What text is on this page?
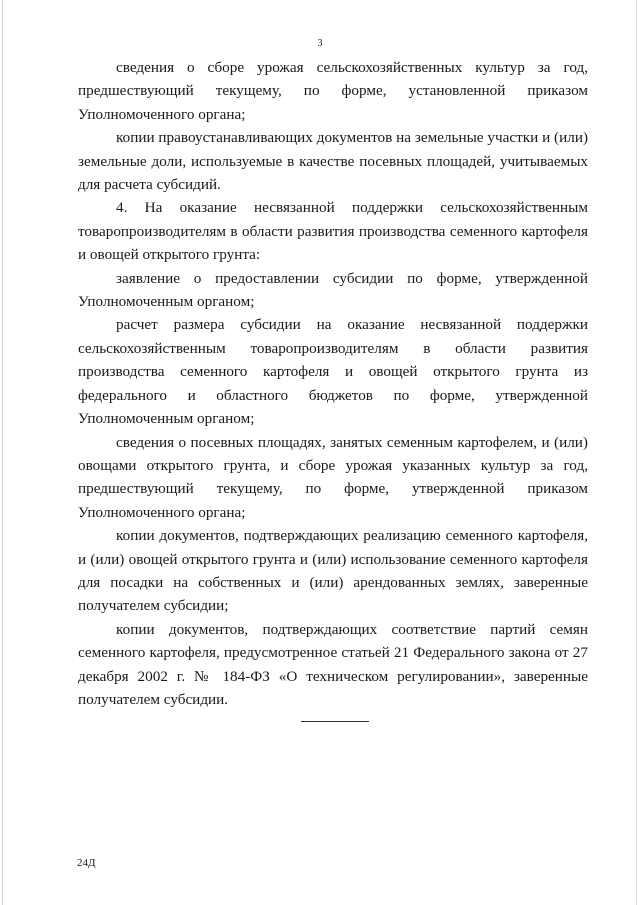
3

сведения о сборе урожая сельскохозяйственных культур за год, предшествующий текущему, по форме, установленной приказом Уполномоченного органа;

копии правоустанавливающих документов на земельные участки и (или) земельные доли, используемые в качестве посевных площадей, учитываемых для расчета субсидий.

4. На оказание несвязанной поддержки сельскохозяйственным товаропроизводителям в области развития производства семенного картофеля и овощей открытого грунта:

заявление о предоставлении субсидии по форме, утвержденной Уполномоченным органом;

расчет размера субсидии на оказание несвязанной поддержки сельскохозяйственным товаропроизводителям в области развития производства семенного картофеля и овощей открытого грунта из федерального и областного бюджетов по форме, утвержденной Уполномоченным органом;

сведения о посевных площадях, занятых семенным картофелем, и (или) овощами открытого грунта, и сборе урожая указанных культур за год, предшествующий текущему, по форме, утвержденной приказом Уполномоченного органа;

копии документов, подтверждающих реализацию семенного картофеля, и (или) овощей открытого грунта и (или) использование семенного картофеля для посадки на собственных и (или) арендованных землях, заверенные получателем субсидии;

копии документов, подтверждающих соответствие партий семян семенного картофеля, предусмотренное статьей 21 Федерального закона от 27 декабря 2002 г. № 184-ФЗ «О техническом регулировании», заверенные получателем субсидии.

24Д
